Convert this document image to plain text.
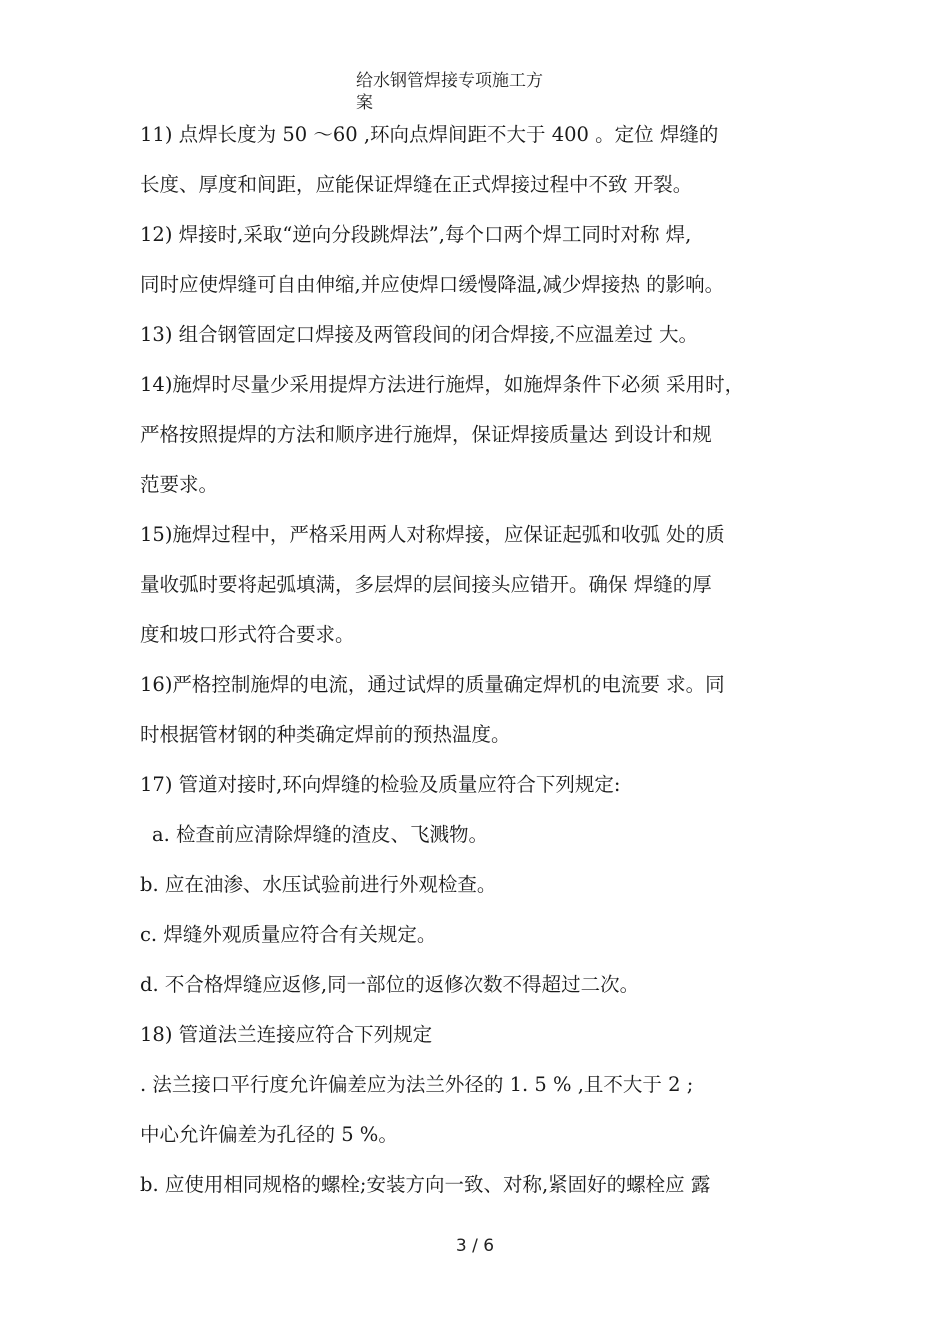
给水钢管焊接专项施工方
案
11) 点焊长度为 50 ～60 ,环向点焊间距不大于 400 。定位 焊缝的
长度、厚度和间距，应能保证焊缝在正式焊接过程中不致 开裂。
12) 焊接时,采取“逆向分段跳焊法”,每个口两个焊工同时对称 焊,
同时应使焊缝可自由伸缩,并应使焊口缓慢降温,减少焊接热 的影响。
13) 组合钢管固定口焊接及两管段间的闭合焊接,不应温差过 大。
14)施焊时尽量少采用提焊方法进行施焊，如施焊条件下必须 采用时，
严格按照提焊的方法和顺序进行施焊，保证焊接质量达 到设计和规
范要求。
15)施焊过程中，严格采用两人对称焊接，应保证起弧和收弧 处的质
量收弧时要将起弧填满，多层焊的层间接头应错开。确保 焊缝的厚
度和坡口形式符合要求。
16)严格控制施焊的电流，通过试焊的质量确定焊机的电流要 求。同
时根据管材钢的种类确定焊前的预热温度。
17) 管道对接时,环向焊缝的检验及质量应符合下列规定:
a. 检查前应清除焊缝的渣皮、飞溅物。
b. 应在油渗、水压试验前进行外观检查。
c. 焊缝外观质量应符合有关规定。
d. 不合格焊缝应返修,同一部位的返修次数不得超过二次。
18) 管道法兰连接应符合下列规定
. 法兰接口平行度允许偏差应为法兰外径的 1. 5 % ,且不大于 2 ;
中心允许偏差为孔径的 5 %。
b. 应使用相同规格的螺栓;安装方向一致、对称,紧固好的螺栓应 露
3 / 6
